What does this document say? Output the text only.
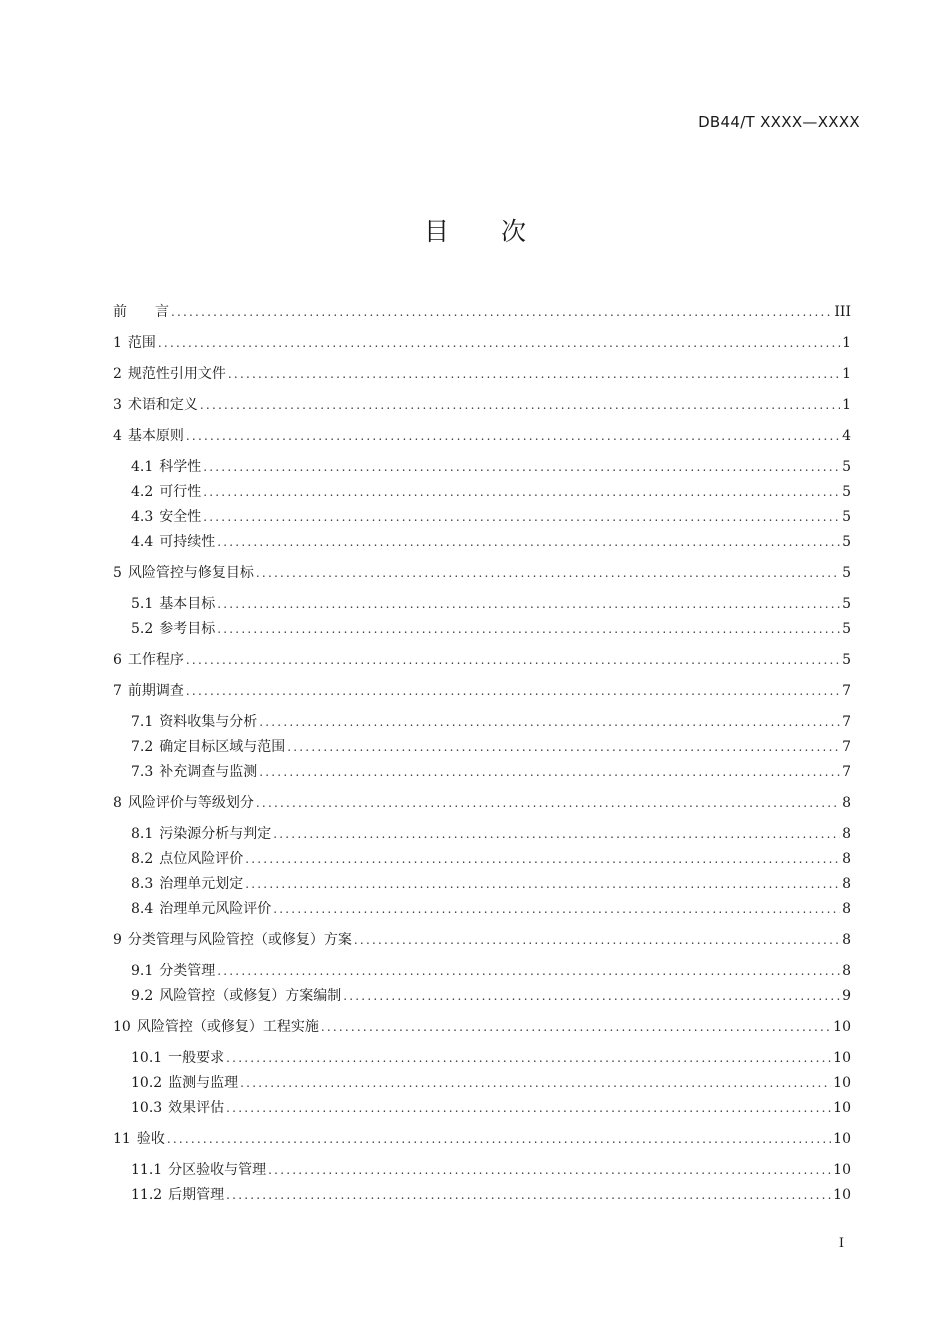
DB44/T XXXX—XXXX
目 次
前　　言 .....	III
1 范围 .....	1
2 规范性引用文件 .....	1
3 术语和定义 .....	1
4 基本原则 .....	4
4.1 科学性 .....	5
4.2 可行性 .....	5
4.3 安全性 .....	5
4.4 可持续性 .....	5
5 风险管控与修复目标 .....	5
5.1 基本目标 .....	5
5.2 参考目标 .....	5
6 工作程序 .....	5
7 前期调查 .....	7
7.1 资料收集与分析 .....	7
7.2 确定目标区域与范围 .....	7
7.3 补充调查与监测 .....	7
8 风险评价与等级划分 .....	8
8.1 污染源分析与判定 .....	8
8.2 点位风险评价 .....	8
8.3 治理单元划定 .....	8
8.4 治理单元风险评价 .....	8
9 分类管理与风险管控（或修复）方案 .....	8
9.1 分类管理 .....	8
9.2 风险管控（或修复）方案编制 .....	9
10 风险管控（或修复）工程实施 .....	10
10.1 一般要求 .....	10
10.2 监测与监理 .....	10
10.3 效果评估 .....	10
11 验收 .....	10
11.1 分区验收与管理 .....	10
11.2 后期管理 .....	10
I
